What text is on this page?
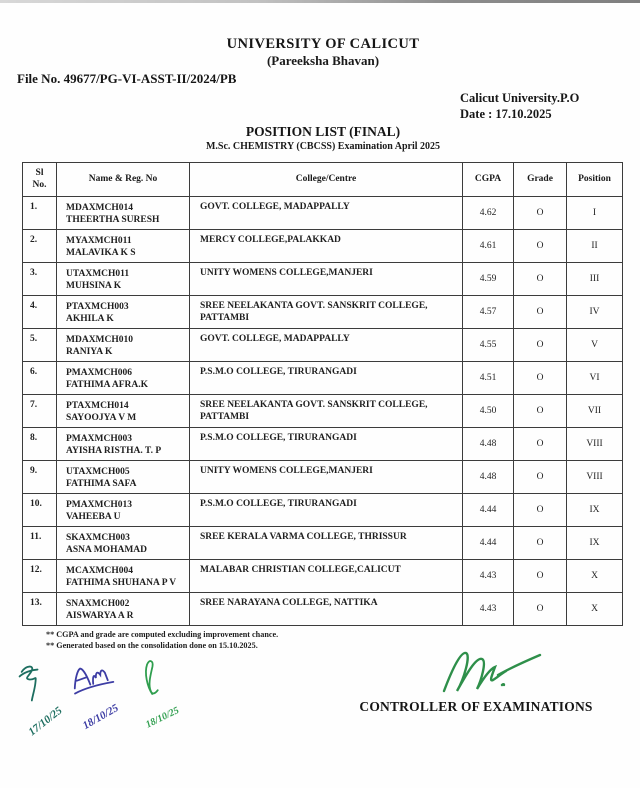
UNIVERSITY OF CALICUT
(Pareeksha Bhavan)
File No. 49677/PG-VI-ASST-II/2024/PB
Calicut University.P.O
Date : 17.10.2025
POSITION LIST (FINAL)
M.Sc. CHEMISTRY (CBCSS) Examination April 2025
Sl No.	Name & Reg. No	College/Centre	CGPA	Grade	Position
1.	MDAXMCH014
THEERTHA SURESH	GOVT. COLLEGE, MADAPPALLY	4.62	O	I
2.	MYAXMCH011
MALAVIKA K S	MERCY COLLEGE,PALAKKAD	4.61	O	II
3.	UTAXMCH011
MUHSINA K	UNITY WOMENS COLLEGE,MANJERI	4.59	O	III
4.	PTAXMCH003
AKHILA K	SREE NEELAKANTA GOVT. SANSKRIT COLLEGE, PATTAMBI	4.57	O	IV
5.	MDAXMCH010
RANIYA K	GOVT. COLLEGE, MADAPPALLY	4.55	O	V
6.	PMAXMCH006
FATHIMA AFRA.K	P.S.M.O COLLEGE, TIRURANGADI	4.51	O	VI
7.	PTAXMCH014
SAYOOJYA V M	SREE NEELAKANTA GOVT. SANSKRIT COLLEGE, PATTAMBI	4.50	O	VII
8.	PMAXMCH003
AYISHA RISTHA. T. P	P.S.M.O COLLEGE, TIRURANGADI	4.48	O	VIII
9.	UTAXMCH005
FATHIMA SAFA	UNITY WOMENS COLLEGE,MANJERI	4.48	O	VIII
10.	PMAXMCH013
VAHEEBA U	P.S.M.O COLLEGE, TIRURANGADI	4.44	O	IX
11.	SKAXMCH003
ASNA MOHAMAD	SREE KERALA VARMA COLLEGE, THRISSUR	4.44	O	IX
12.	MCAXMCH004
FATHIMA SHUHANA P V	MALABAR CHRISTIAN COLLEGE,CALICUT	4.43	O	X
13.	SNAXMCH002
AISWARYA A R	SREE NARAYANA COLLEGE, NATTIKA	4.43	O	X
** CGPA and grade are computed excluding improvement chance.
** Generated based on the consolidation done on 15.10.2025.
17/10/25 18/10/25	18/10/25	CONTROLLER OF EXAMINATIONS
